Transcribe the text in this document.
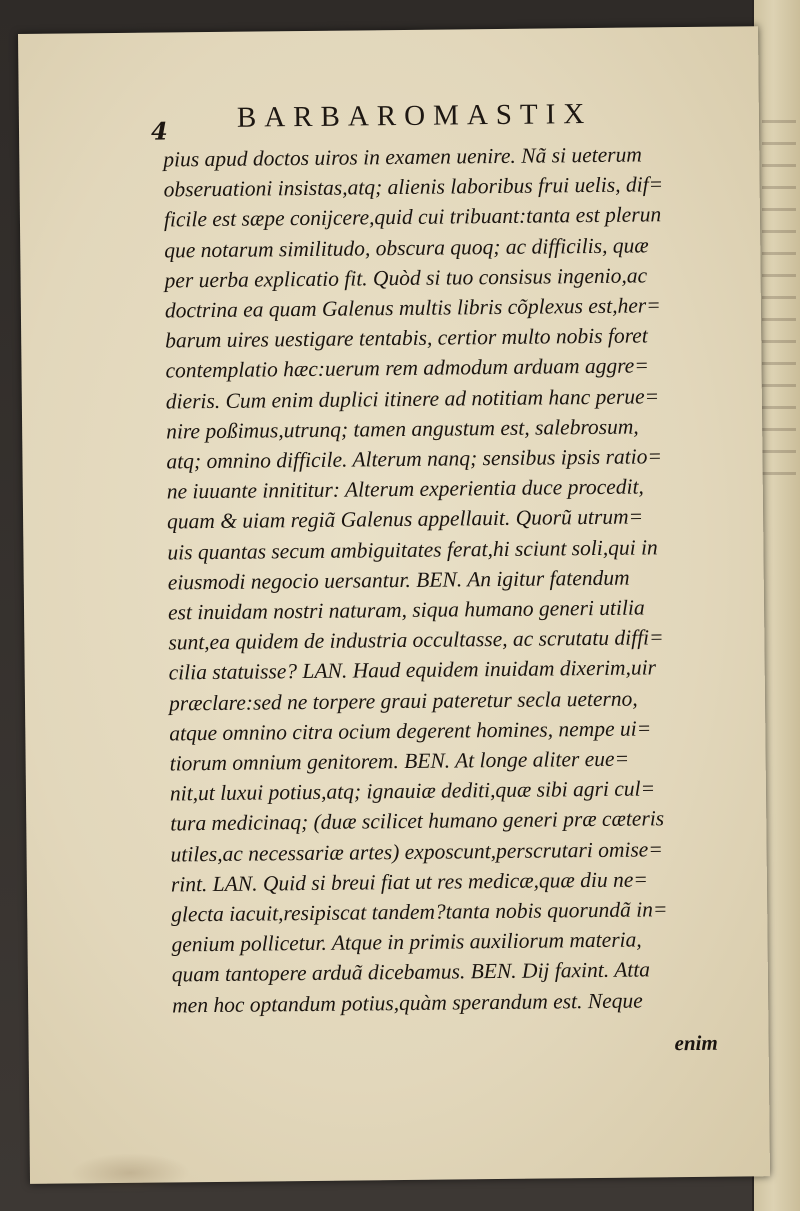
4 BARBAROMASTIX
pius apud doctos uiros in examen uenire. Nã si ueterum
obseruationi insistas,atq; alienis laboribus frui uelis, dif=
ficile est sæpe conijcere,quid cui tribuant:tanta est plerun
que notarum similitudo, obscura quoq; ac difficilis, quæ
per uerba explicatio fit. Quòd si tuo consisus ingenio,ac
doctrina ea quam Galenus multis libris cõplexus est,her=
barum uires uestigare tentabis, certior multo nobis foret
contemplatio hæc:uerum rem admodum arduam aggre=
dieris. Cum enim duplici itinere ad notitiam hanc perue=
nire poßimus,utrunq; tamen angustum est, salebrosum,
atq; omnino difficile. Alterum nanq; sensibus ipsis ratio=
ne iuuante innititur: Alterum experientia duce procedit,
quam & uiam regiã Galenus appellauit. Quorũ utrum=
uis quantas secum ambiguitates ferat,hi sciunt soli,qui in
eiusmodi negocio uersantur. BEN. An igitur fatendum
est inuidam nostri naturam, siqua humano generi utilia
sunt,ea quidem de industria occultasse, ac scrutatu diffi=
cilia statuisse? LAN. Haud equidem inuidam dixerim,uir
præclare:sed ne torpere graui pateretur secla ueterno,
atque omnino citra ocium degerent homines, nempe ui=
tiorum omnium genitorem. BEN. At longe aliter eue=
nit,ut luxui potius,atq; ignauiæ dediti,quæ sibi agri cul=
tura medicinaq; (duæ scilicet humano generi præ cæteris
utiles,ac necessariæ artes) exposcunt,perscrutari omise=
rint. LAN. Quid si breui fiat ut res medicæ,quæ diu ne=
glecta iacuit,resipiscat tandem?tanta nobis quorundã in=
genium pollicetur. Atque in primis auxiliorum materia,
quam tantopere arduã dicebamus. BEN. Dij faxint. Atta
men hoc optandum potius,quàm sperandum est. Neque
enim
